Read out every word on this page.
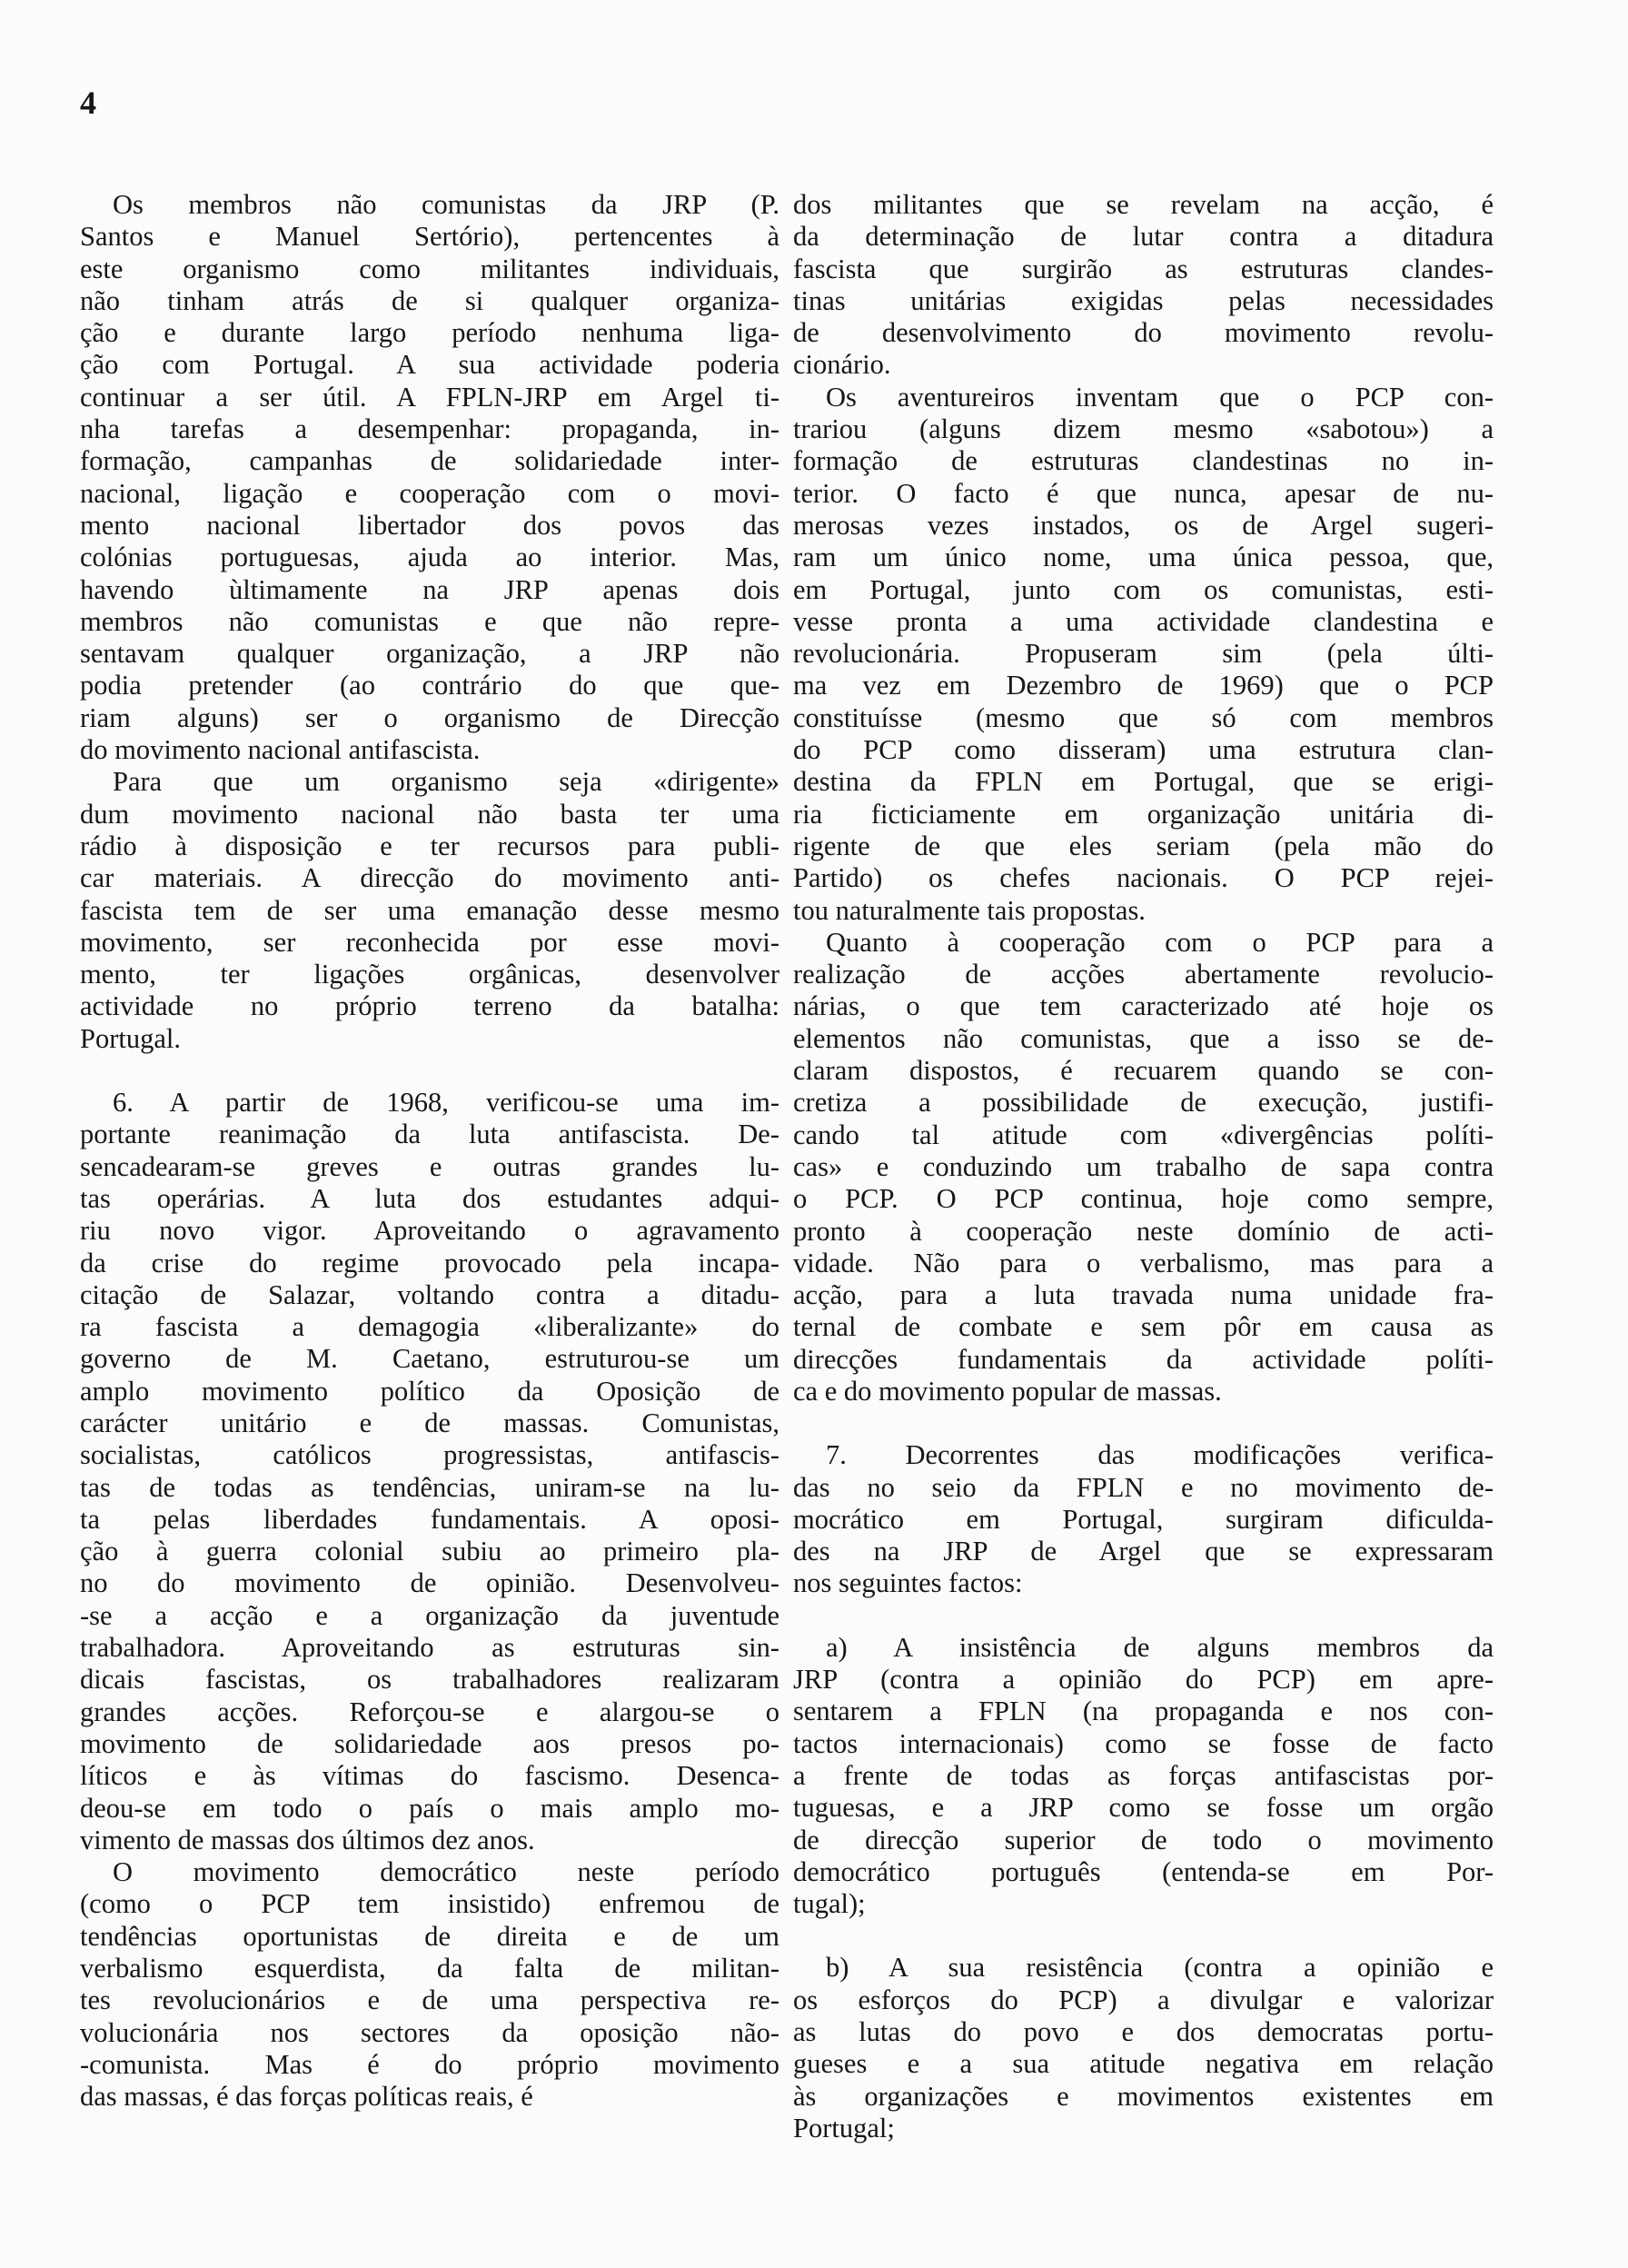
4
Os membros não comunistas da JRP (P.
Santos e Manuel Sertório), pertencentes à
este organismo como militantes individuais,
não tinham atrás de si qualquer organiza-
ção e durante largo período nenhuma liga-
ção com Portugal. A sua actividade poderia
continuar a ser útil. A FPLN-JRP em Argel ti-
nha tarefas a desempenhar: propaganda, in-
formação, campanhas de solidariedade inter-
nacional, ligação e cooperação com o movi-
mento nacional libertador dos povos das
colónias portuguesas, ajuda ao interior. Mas,
havendo ùltimamente na JRP apenas dois
membros não comunistas e que não repre-
sentavam qualquer organização, a JRP não
podia pretender (ao contrário do que que-
riam alguns) ser o organismo de Direcção
do movimento nacional antifascista.
Para que um organismo seja «dirigente»
dum movimento nacional não basta ter uma
rádio à disposição e ter recursos para publi-
car materiais. A direcção do movimento anti-
fascista tem de ser uma emanação desse mesmo
movimento, ser reconhecida por esse movi-
mento, ter ligações orgânicas, desenvolver
actividade no próprio terreno da batalha:
Portugal.
6. A partir de 1968, verificou-se uma im-
portante reanimação da luta antifascista. De-
sencadearam-se greves e outras grandes lu-
tas operárias. A luta dos estudantes adqui-
riu novo vigor. Aproveitando o agravamento
da crise do regime provocado pela incapa-
citação de Salazar, voltando contra a ditadu-
ra fascista a demagogia «liberalizante» do
governo de M. Caetano, estruturou-se um
amplo movimento político da Oposição de
carácter unitário e de massas. Comunistas,
socialistas, católicos progressistas, antifascis-
tas de todas as tendências, uniram-se na lu-
ta pelas liberdades fundamentais. A oposi-
ção à guerra colonial subiu ao primeiro pla-
no do movimento de opinião. Desenvolveu-
-se a acção e a organização da juventude
trabalhadora. Aproveitando as estruturas sin-
dicais fascistas, os trabalhadores realizaram
grandes acções. Reforçou-se e alargou-se o
movimento de solidariedade aos presos po-
líticos e às vítimas do fascismo. Desenca-
deou-se em todo o país o mais amplo mo-
vimento de massas dos últimos dez anos.
O movimento democrático neste período
(como o PCP tem insistido) enfremou de
tendências oportunistas de direita e de um
verbalismo esquerdista, da falta de militan-
tes revolucionários e de uma perspectiva re-
volucionária nos sectores da oposição não-
-comunista. Mas é do próprio movimento
das massas, é das forças políticas reais, é
dos militantes que se revelam na acção, é
da determinação de lutar contra a ditadura
fascista que surgirão as estruturas clandes-
tinas unitárias exigidas pelas necessidades
de desenvolvimento do movimento revolu-
cionário.
Os aventureiros inventam que o PCP con-
trariou (alguns dizem mesmo «sabotou») a
formação de estruturas clandestinas no in-
terior. O facto é que nunca, apesar de nu-
merosas vezes instados, os de Argel sugeri-
ram um único nome, uma única pessoa, que,
em Portugal, junto com os comunistas, esti-
vesse pronta a uma actividade clandestina e
revolucionária. Propuseram sim (pela últi-
ma vez em Dezembro de 1969) que o PCP
constituísse (mesmo que só com membros
do PCP como disseram) uma estrutura clan-
destina da FPLN em Portugal, que se erigi-
ria ficticiamente em organização unitária di-
rigente de que eles seriam (pela mão do
Partido) os chefes nacionais. O PCP rejei-
tou naturalmente tais propostas.
Quanto à cooperação com o PCP para a
realização de acções abertamente revolucio-
nárias, o que tem caracterizado até hoje os
elementos não comunistas, que a isso se de-
claram dispostos, é recuarem quando se con-
cretiza a possibilidade de execução, justifi-
cando tal atitude com «divergências políti-
cas» e conduzindo um trabalho de sapa contra
o PCP. O PCP continua, hoje como sempre,
pronto à cooperação neste domínio de acti-
vidade. Não para o verbalismo, mas para a
acção, para a luta travada numa unidade fra-
ternal de combate e sem pôr em causa as
direcções fundamentais da actividade políti-
ca e do movimento popular de massas.
7. Decorrentes das modificações verifica-
das no seio da FPLN e no movimento de-
mocrático em Portugal, surgiram dificulda-
des na JRP de Argel que se expressaram
nos seguintes factos:
a) A insistência de alguns membros da
JRP (contra a opinião do PCP) em apre-
sentarem a FPLN (na propaganda e nos con-
tactos internacionais) como se fosse de facto
a frente de todas as forças antifascistas por-
tuguesas, e a JRP como se fosse um orgão
de direcção superior de todo o movimento
democrático português (entenda-se em Por-
tugal);
b) A sua resistência (contra a opinião e
os esforços do PCP) a divulgar e valorizar
as lutas do povo e dos democratas portu-
gueses e a sua atitude negativa em relação
às organizações e movimentos existentes em
Portugal;
